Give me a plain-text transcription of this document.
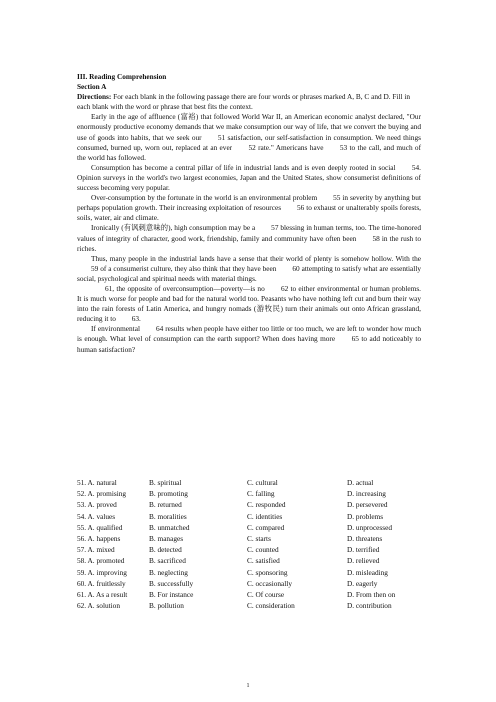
III. Reading Comprehension

Section A

Directions: For each blank in the following passage there are four words or phrases marked A, B, C and D. Fill in each blank with the word or phrase that best fits the context.

Early in the age of affluence (富裕) that followed World War II, an American economic analyst declared, "Our enormously productive economy demands that we make consumption our way of life, that we convert the buying and use of goods into habits, that we seek our 51 satisfaction, our self-satisfaction in consumption. We need things consumed, burned up, worn out, replaced at an ever 52 rate." Americans have 53 to the call, and much of the world has followed.

Consumption has become a central pillar of life in industrial lands and is even deeply rooted in social 54. Opinion surveys in the world's two largest economies, Japan and the United States, show consumerist definitions of success becoming very popular.

Over-consumption by the fortunate in the world is an environmental problem 55 in severity by anything but perhaps population growth. Their increasing exploitation of resources 56 to exhaust or unalterably spoils forests, soils, water, air and climate.

Ironically (有讽刺意味的), high consumption may be a 57 blessing in human terms, too. The time-honored values of integrity of character, good work, friendship, family and community have often been 58 in the rush to riches.

Thus, many people in the industrial lands have a sense that their world of plenty is somehow hollow. With the 59 of a consumerist culture, they also think that they have been 60 attempting to satisfy what are essentially social, psychological and spiritual needs with material things.

61, the opposite of overconsumption—poverty—is no 62 to either environmental or human problems. It is much worse for people and bad for the natural world too. Peasants who have nothing left cut and burn their way into the rain forests of Latin America, and hungry nomads (游牧民) turn their animals out onto African grassland, reducing it to 63.

If environmental 64 results when people have either too little or too much, we are left to wonder how much is enough. What level of consumption can the earth support? When does having more 65 to add noticeably to human satisfaction?

51. A. natural	B. spiritual	C. cultural	D. actual
52. A. promising	B. promoting	C. falling	D. increasing
53. A. proved	B. returned	C. responded	D. persevered
54. A. values	B. moralities	C. identities	D. problems
55. A. qualified	B. unmatched	C. compared	D. unprocessed
56. A. happens	B. manages	C. starts	D. threatens
57. A. mixed	B. detected	C. counted	D. terrified
58. A. promoted	B. sacrificed	C. satisfied	D. relieved
59. A. improving	B. neglecting	C. sponsoring	D. misleading
60. A. fruitlessly	B. successfully	C. occasionally	D. eagerly
61. A. As a result	B. For instance	C. Of course	D. From then on
62. A. solution	B. pollution	C. consideration	D. contribution
1
